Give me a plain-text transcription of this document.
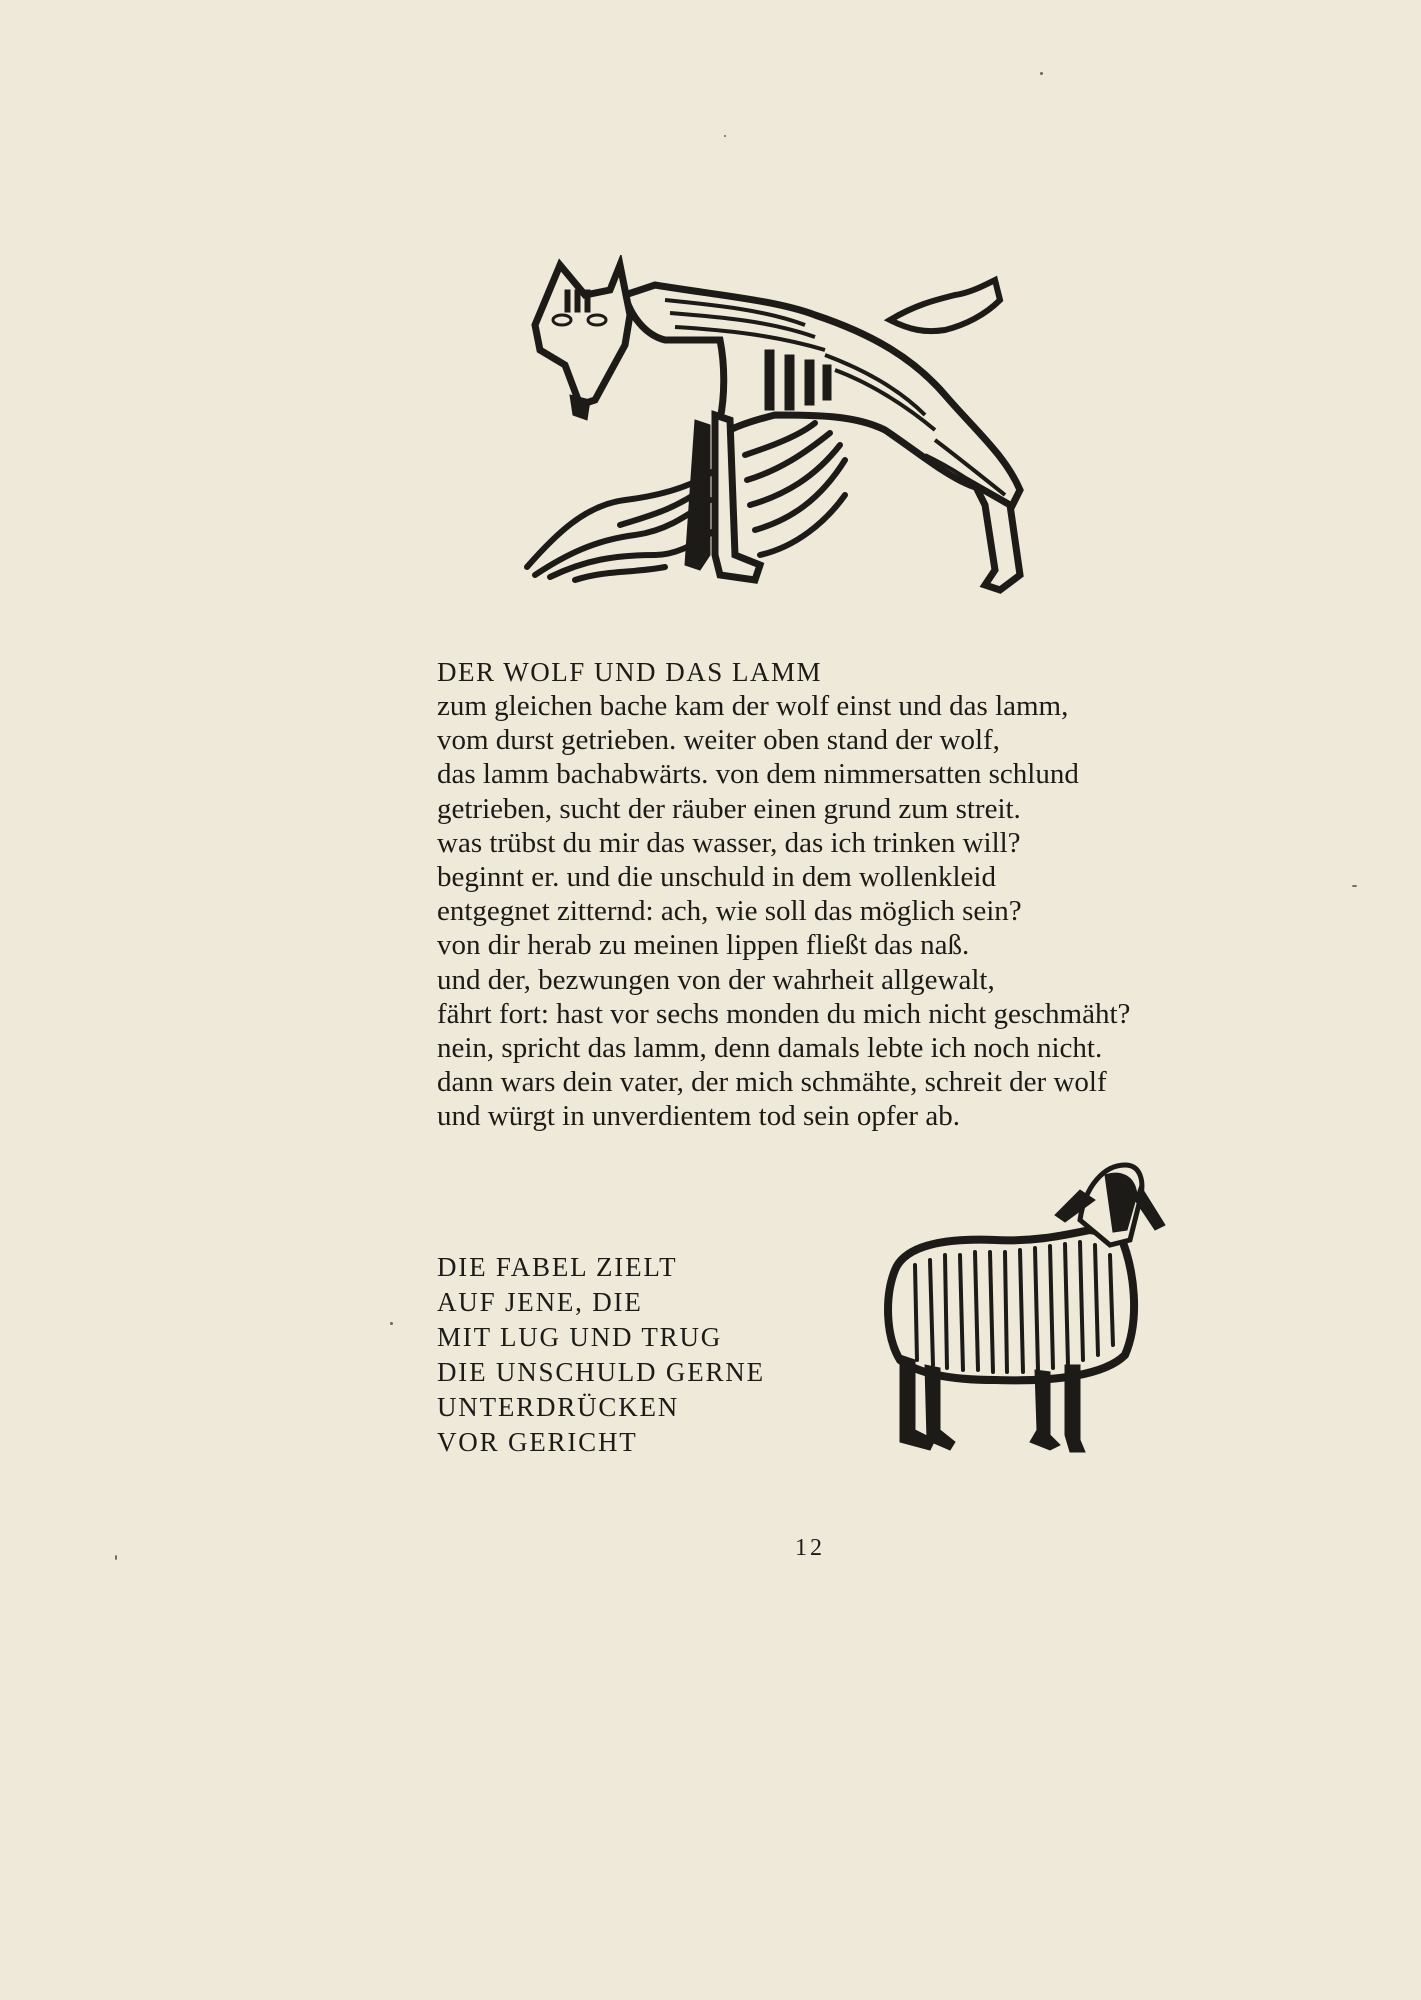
DER WOLF UND DAS LAMM
zum gleichen bache kam der wolf einst und das lamm,
vom durst getrieben. weiter oben stand der wolf,
das lamm bachabwärts. von dem nimmersatten schlund
getrieben, sucht der räuber einen grund zum streit.
was trübst du mir das wasser, das ich trinken will?
beginnt er. und die unschuld in dem wollenkleid
entgegnet zitternd: ach, wie soll das möglich sein?
von dir herab zu meinen lippen fließt das naß.
und der, bezwungen von der wahrheit allgewalt,
fährt fort: hast vor sechs monden du mich nicht geschmäht?
nein, spricht das lamm, denn damals lebte ich noch nicht.
dann wars dein vater, der mich schmähte, schreit der wolf
und würgt in unverdientem tod sein opfer ab.
DIE FABEL ZIELT
AUF JENE, DIE
MIT LUG UND TRUG
DIE UNSCHULD GERNE
UNTERDRÜCKEN
VOR GERICHT
12
